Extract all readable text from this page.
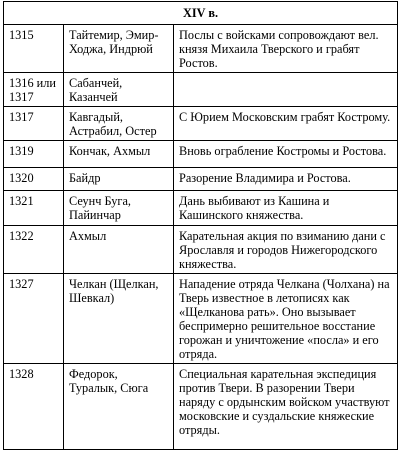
XIV в.		
1315	Тайтемир, Эмир-Ходжа, Индрюй	Послы с войсками сопровождают вел. князя Михаила Тверского и грабят Ростов.
1316 или 1317	Сабанчей, Казанчей	
1317	Кавгадый, Астрабил, Остер	С Юрием Московским грабят Кострому.
1319	Кончак, Ахмыл	Вновь ограбление Костромы и Ростова.
1320	Байдр	Разорение Владимира и Ростова.
1321	Сеунч Буга, Пайинчар	Дань выбивают из Кашина и Кашинского княжества.
1322	Ахмыл	Карательная акция по взиманию дани с Ярославля и городов Нижегородского княжества.
1327	Челкан (Щелкан, Шевкал)	Нападение отряда Челкана (Чолхана) на Тверь известное в летописях как «Щелканова рать». Оно вызывает беспримерно решительное восстание горожан и уничтожение «посла» и его отряда.
1328	Федорок, Туралык, Сюга	Специальная карательная экспедиция против Твери. В разорении Твери наряду с ордынским войском участвуют московские и суздальские княжеские отряды.
